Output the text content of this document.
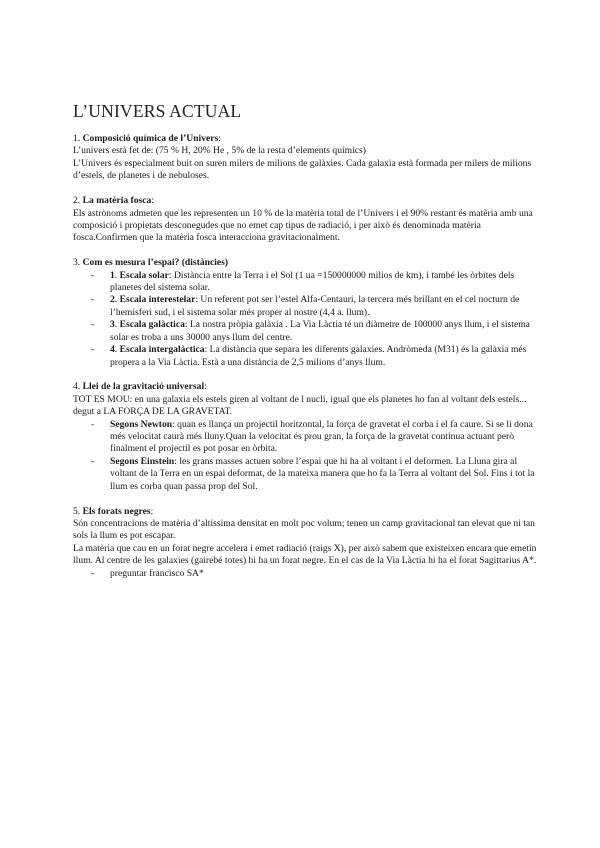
L’UNIVERS ACTUAL
1. Composició química de l’Univers:
L’univers està fet de: (75 % H, 20% He , 5% de la resta d’elements químics)
L’Univers és especialment buit on suren milers de milions de galàxies. Cada galaxia està formada per milers de milions d’estels, de planetes i de nebuloses.
2. La matèria fosca:
Els astrònoms admeten que les representen un 10 % de la matèria total de l’Univers i el 90% restant és matèria amb una composició i propietats desconegudes que no emet cap tipus de radiació, i per això és denominada matèria fosca.Confirmen que la matèria fosca interacciona gravitacionalment.
3. Com es mesura l’espai? (distàncies)
- 1. Escala solar: Distància entre la Terra i el Sol (1 ua =150000000 milios de km), i també les òrbites dels planetes del sistema solar.
- 2. Escala interestelar: Un referent pot ser l’estel Alfa-Centauri, la tercera més brillant en el cel nocturn de l’hemisferi sud, i el sistema solar més proper al nostre (4,4 a. llum).
- 3. Escala galàctica: La nostra pròpia galàxia . La Via Làctia té un diàmetre de 100000 anys llum, i el sistema solar es troba a uns 30000 anys llum del centre.
- 4. Escala intergalàctica: La distància que separa les diferents galaxies. Andròmeda (M31) és la galàxia més propera a la Via Làctia. Està a una distància de 2,5 milions d’anys llum.
4. Llei de la gravitació universal:
TOT ES MOU: en una galaxia els estels giren al voltant de l nucli, igual que els planetes ho fan al voltant dels estels... degut a LA FORÇA DE LA GRAVETAT.
- Segons Newton: quan es llança un projectil horitzontal, la força de gravetat el corba i el fa caure. Si se li dona més velocitat caurà més lluny.Quan la velocitat és prou gran, la força de la gravetat continua actuant però finalment el projectil es pot posar en òrbita.
- Segons Einstein: les grans masses actuen sobre l’espai que hi ha al voltant i el deformen. La Lluna gira al voltant de la Terra en un espai deformat, de la mateixa manera que ho fa la Terra al voltant del Sol. Fins i tot la llum es corba quan passa prop del Sol.
5. Els forats negres:
Són concentracions de matèria d’altíssima densitat en molt poc volum; tenen un camp gravitacional tan elevat que ni tan sols la llum es pot escapar.
La matèria que cau en un forat negre accelera i emet radiació (raigs X), per això sabem que existeixen encara que emetin llum. Al centre de les galaxies (gairebé totes) hi ha un forat negre. En el cas de la Via Làctia hi ha el forat Sagittarius A*.
- preguntar francisco SA*
